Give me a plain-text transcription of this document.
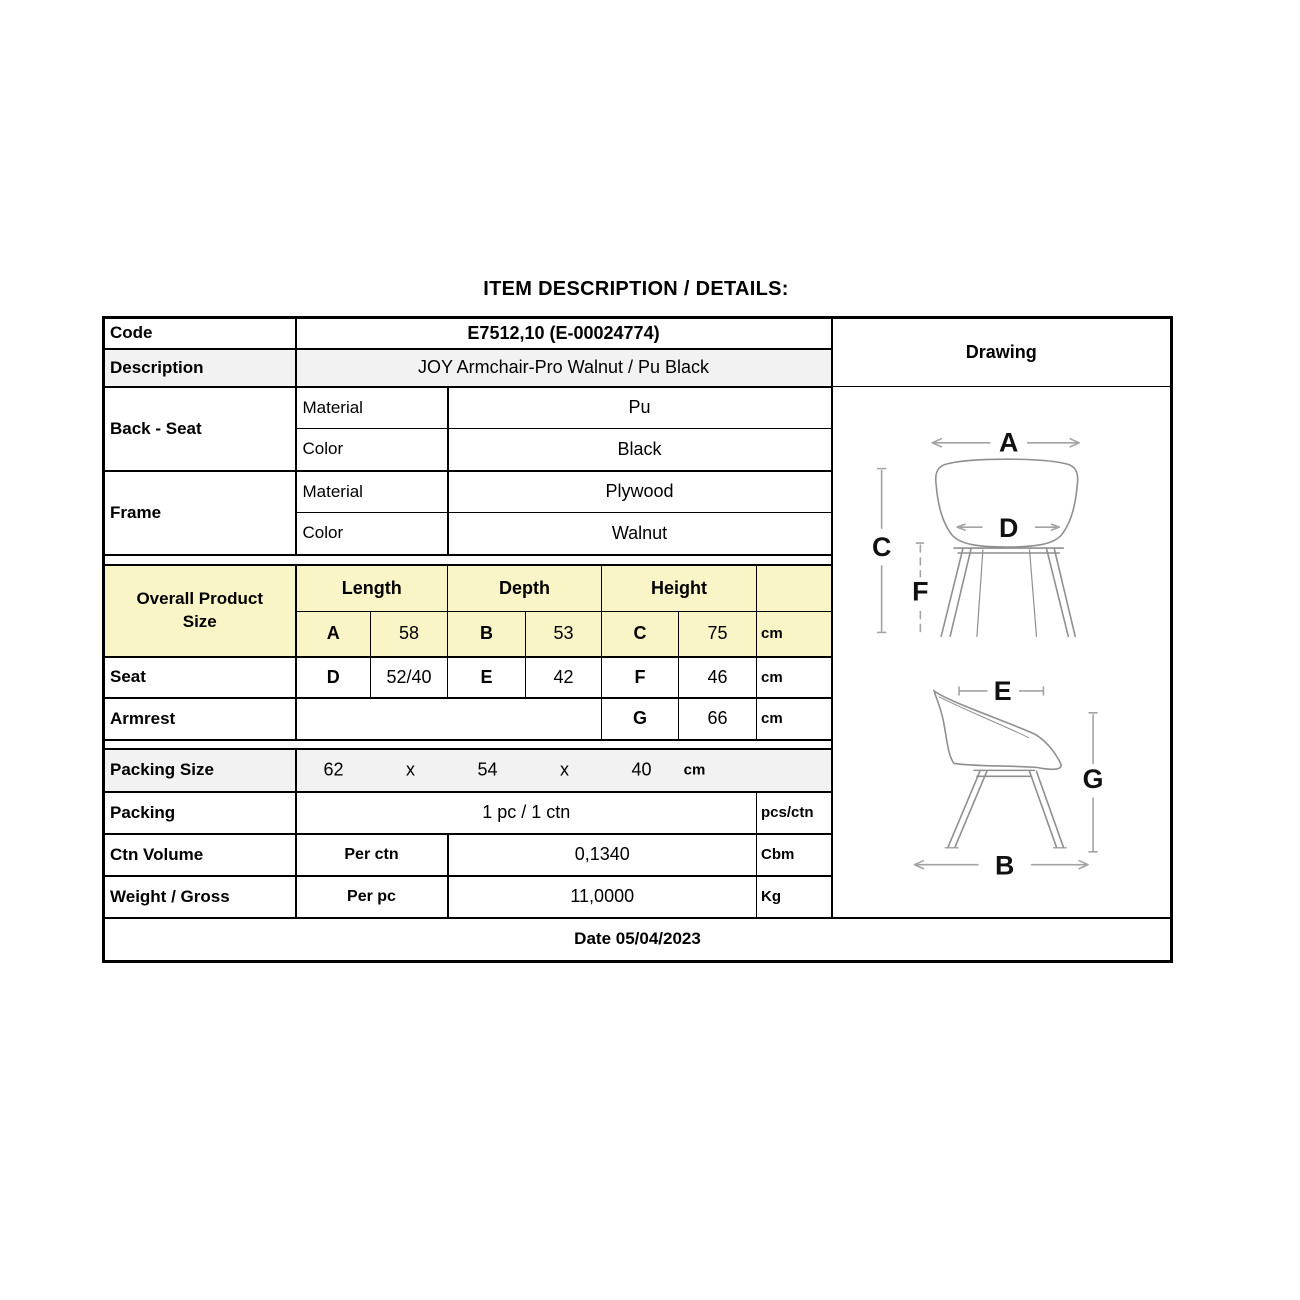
ITEM DESCRIPTION / DETAILS:
Code	E7512,10 (E-00024774)							Drawing
Description	JOY Armchair-Pro Walnut / Pu Black							
Back - Seat	Material	Pu	
A
D
C
F
E
G
B

	Color		Black					
Frame	Material		Plywood					
	Color		Walnut					

Overall Product Size	Length		Depth		Height			
	A	58	B	53	C	75	cm	
Seat	D	52/40	E	42	F	46	cm	
Armrest					G	66	cm	

Packing Size	62	x	54	x	40 cm

Packing	1 pc / 1 ctn						pcs/ctn	
Ctn Volume	Per ctn		0,1340				Cbm	
Weight / Gross	Per pc		11,0000				Kg	
Date 05/04/2023								
